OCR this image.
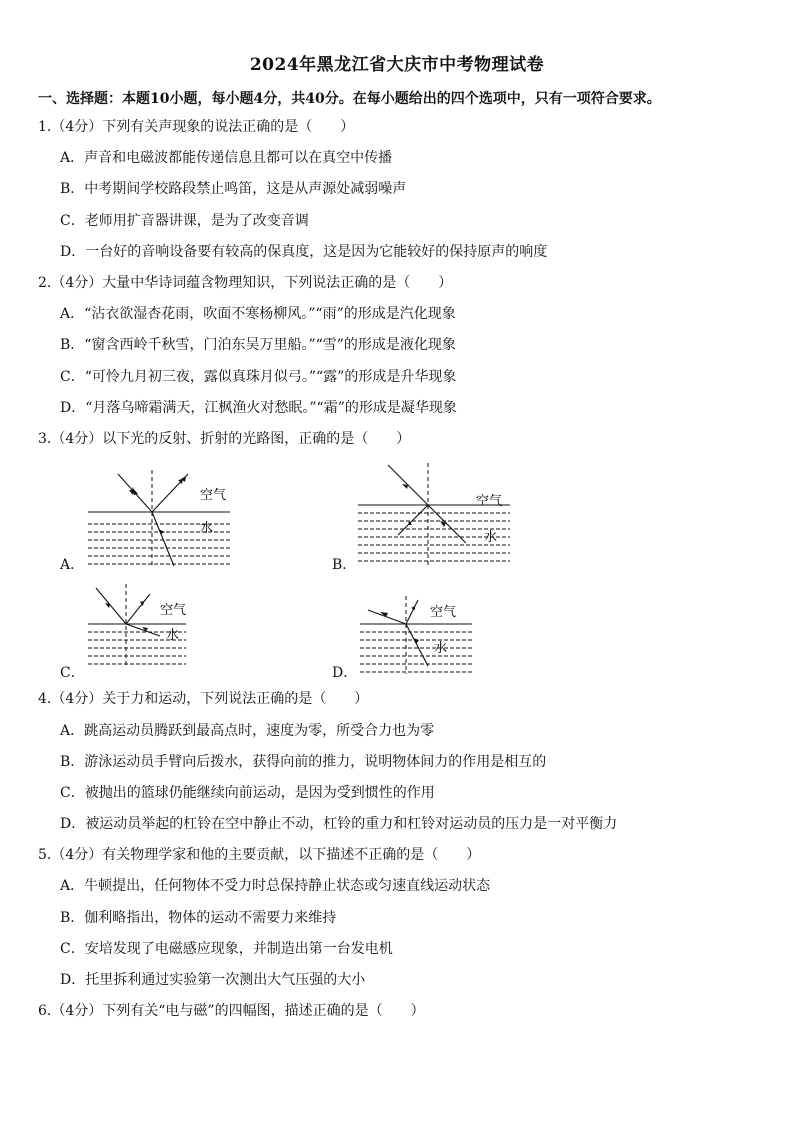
2024年黑龙江省大庆市中考物理试卷
一、选择题：本题10小题，每小题4分，共40分。在每小题给出的四个选项中，只有一项符合要求。
1.（4分）下列有关声现象的说法正确的是（　　）
A．声音和电磁波都能传递信息且都可以在真空中传播
B．中考期间学校路段禁止鸣笛，这是从声源处减弱噪声
C．老师用扩音器讲课，是为了改变音调
D．一台好的音响设备要有较高的保真度，这是因为它能较好的保持原声的响度
2.（4分）大量中华诗词蕴含物理知识，下列说法正确的是（　　）
A．“沾衣欲湿杏花雨，吹面不寒杨柳风。”“雨”的形成是汽化现象
B．“窗含西岭千秋雪，门泊东吴万里船。”“雪”的形成是液化现象
C．“可怜九月初三夜，露似真珠月似弓。”“露”的形成是升华现象
D．“月落乌啼霜满天，江枫渔火对愁眠。”“霜”的形成是凝华现象
3.（4分）以下光的反射、折射的光路图，正确的是（　　）
空气
水
A．
空气
水
B．
空气
水
C．
空气
水
D．
4.（4分）关于力和运动，下列说法正确的是（　　）
A．跳高运动员腾跃到最高点时，速度为零，所受合力也为零
B．游泳运动员手臂向后拨水，获得向前的推力，说明物体间力的作用是相互的
C．被抛出的篮球仍能继续向前运动，是因为受到惯性的作用
D．被运动员举起的杠铃在空中静止不动，杠铃的重力和杠铃对运动员的压力是一对平衡力
5.（4分）有关物理学家和他的主要贡献，以下描述不正确的是（　　）
A．牛顿提出，任何物体不受力时总保持静止状态或匀速直线运动状态
B．伽利略指出，物体的运动不需要力来维持
C．安培发现了电磁感应现象，并制造出第一台发电机
D．托里拆利通过实验第一次测出大气压强的大小
6.（4分）下列有关“电与磁”的四幅图，描述正确的是（　　）
